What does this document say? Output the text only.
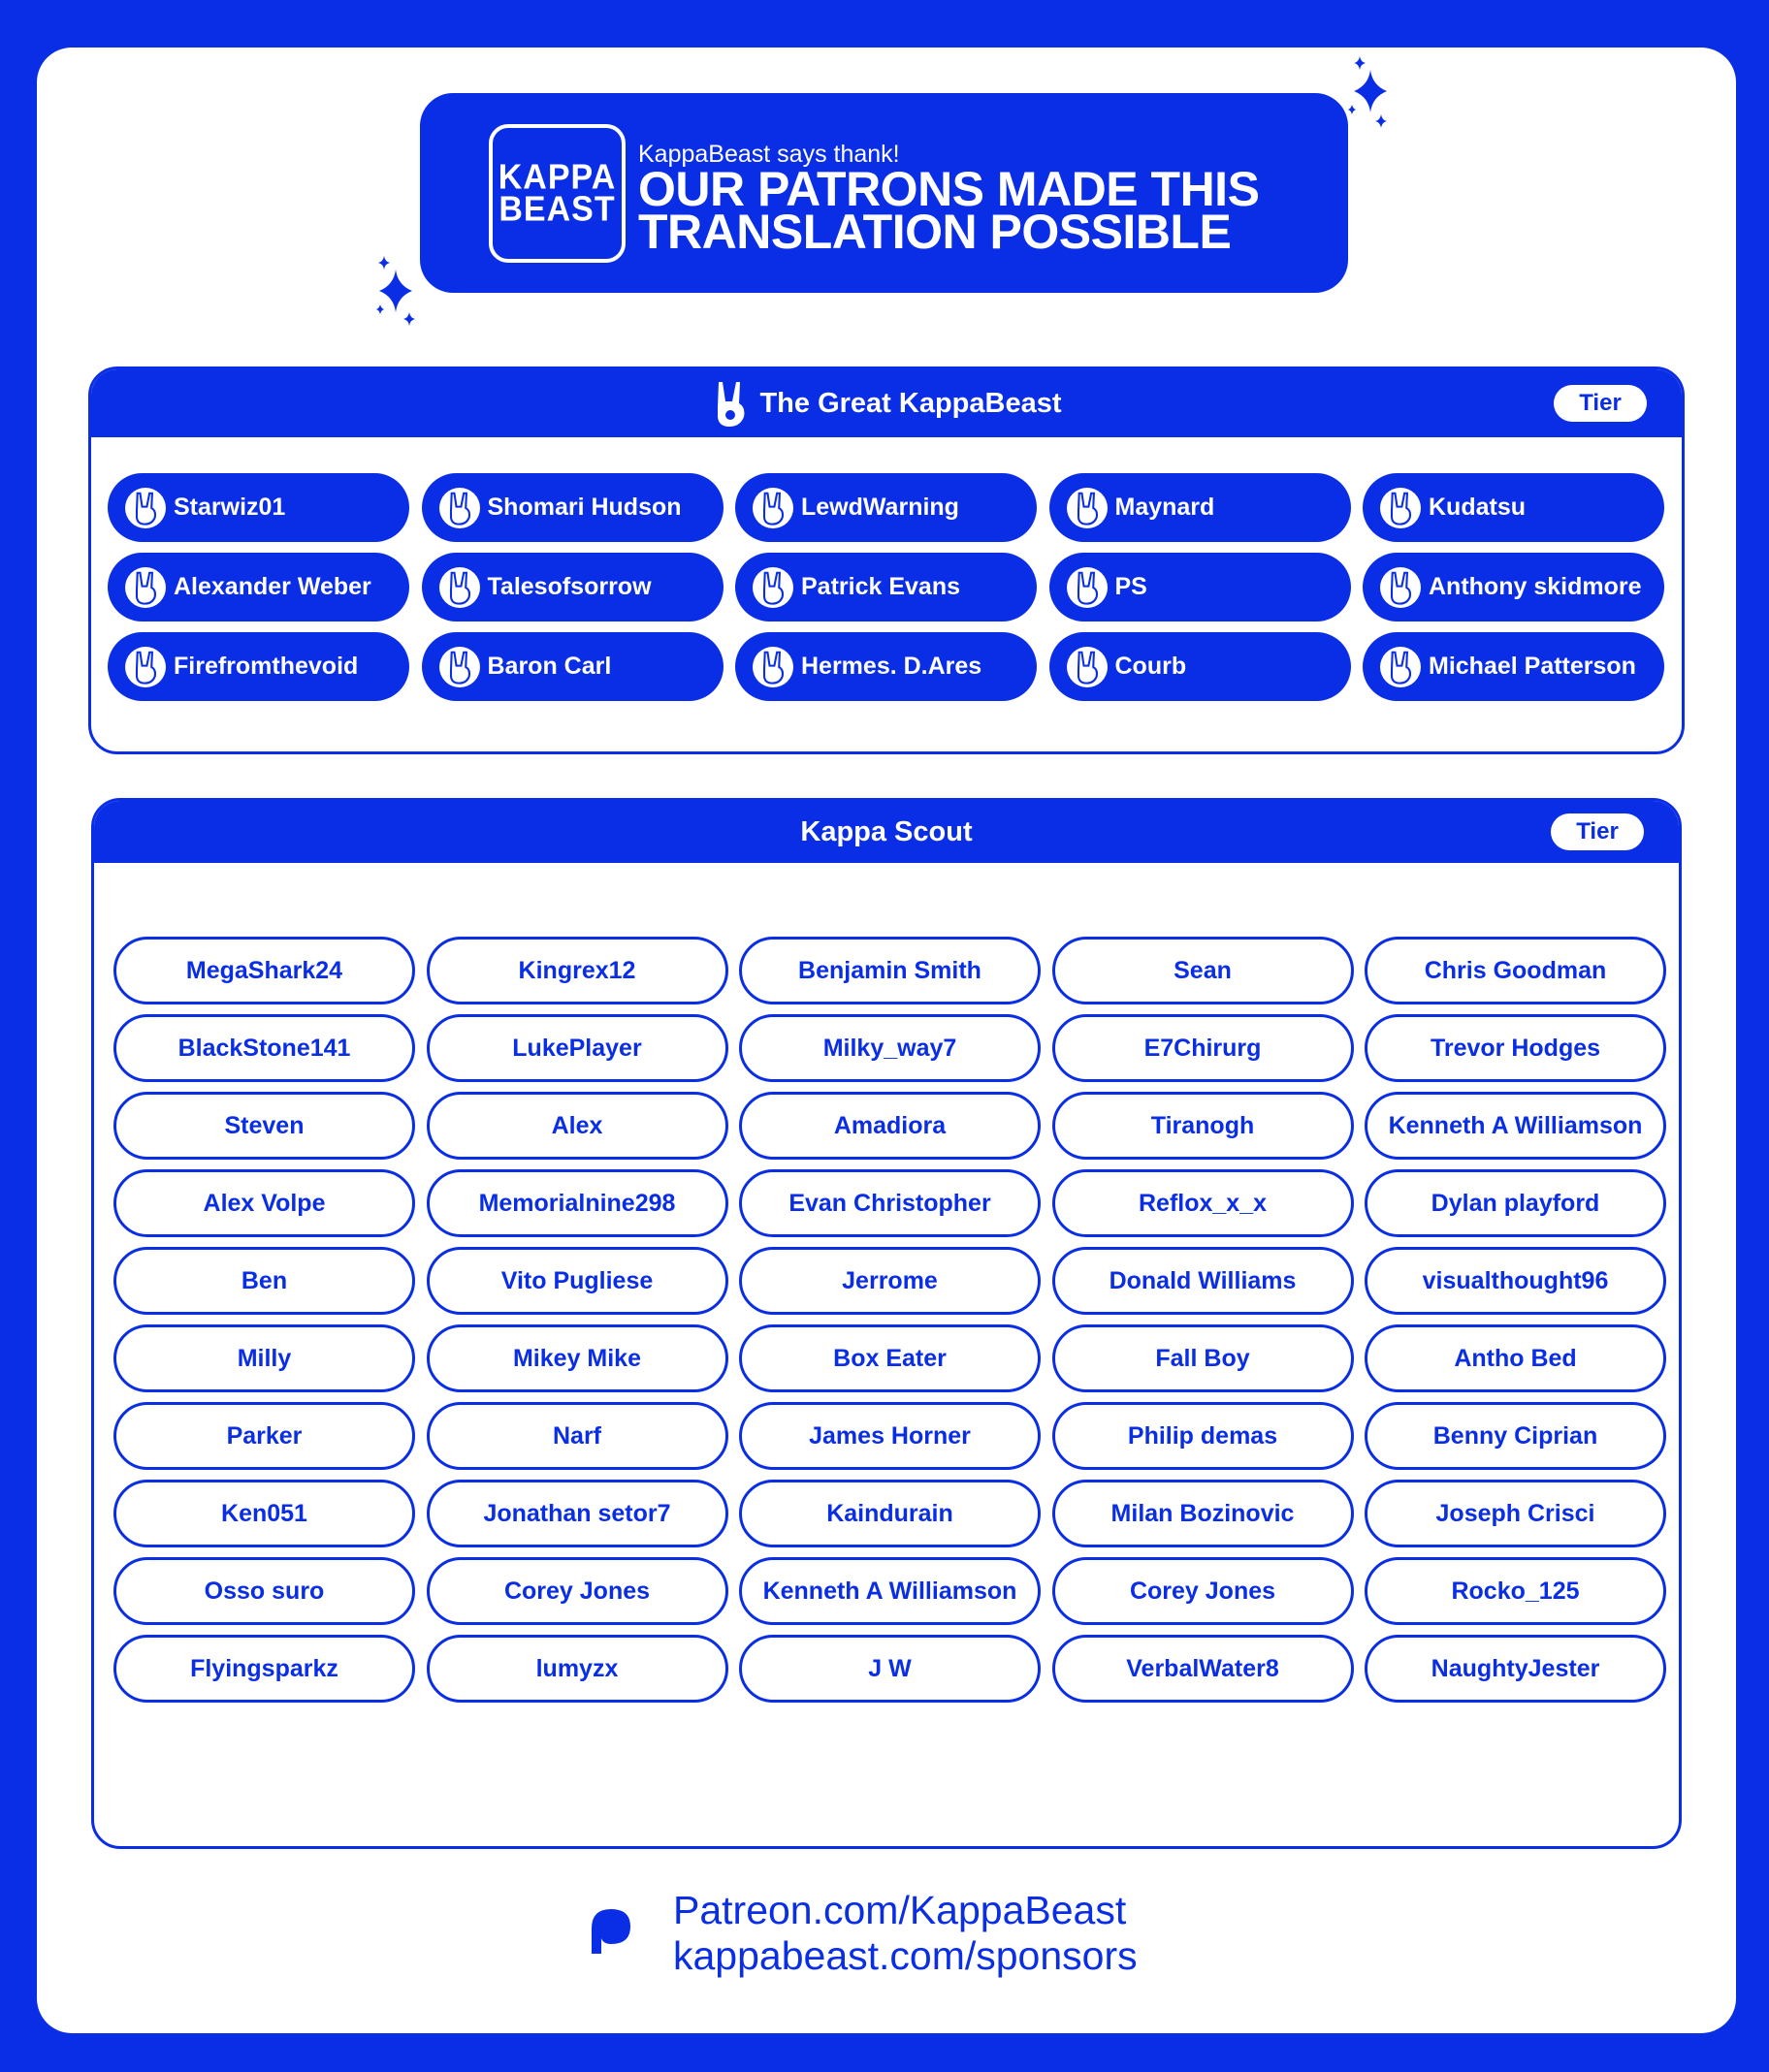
KAPPA
BEAST
KappaBeast says thank!
OUR PATRONS MADE THIS
TRANSLATION POSSIBLE
The Great KappaBeast	Tier
Starwiz01	Shomari Hudson	LewdWarning	Maynard	Kudatsu
Alexander Weber	Talesofsorrow	Patrick Evans	PS	Anthony skidmore
Firefromthevoid	Baron Carl	Hermes. D.Ares	Courb	Michael Patterson
Kappa Scout	Tier
MegaShark24	Kingrex12	Benjamin Smith	Sean	Chris Goodman
BlackStone141	LukePlayer	Milky_way7	E7Chirurg	Trevor Hodges
Steven	Alex	Amadiora	Tiranogh	Kenneth A Williamson
Alex Volpe	Memorialnine298	Evan Christopher	Reflox_x_x	Dylan playford
Ben	Vito Pugliese	Jerrome	Donald Williams	visualthought96
Milly	Mikey Mike	Box Eater	Fall Boy	Antho Bed
Parker	Narf	James Horner	Philip demas	Benny Ciprian
Ken051	Jonathan setor7	Kaindurain	Milan Bozinovic	Joseph Crisci
Osso suro	Corey Jones	Kenneth A Williamson	Corey Jones	Rocko_125
Flyingsparkz	lumyzx	J W	VerbalWater8	NaughtyJester
Patreon.com/KappaBeast
kappabeast.com/sponsors
